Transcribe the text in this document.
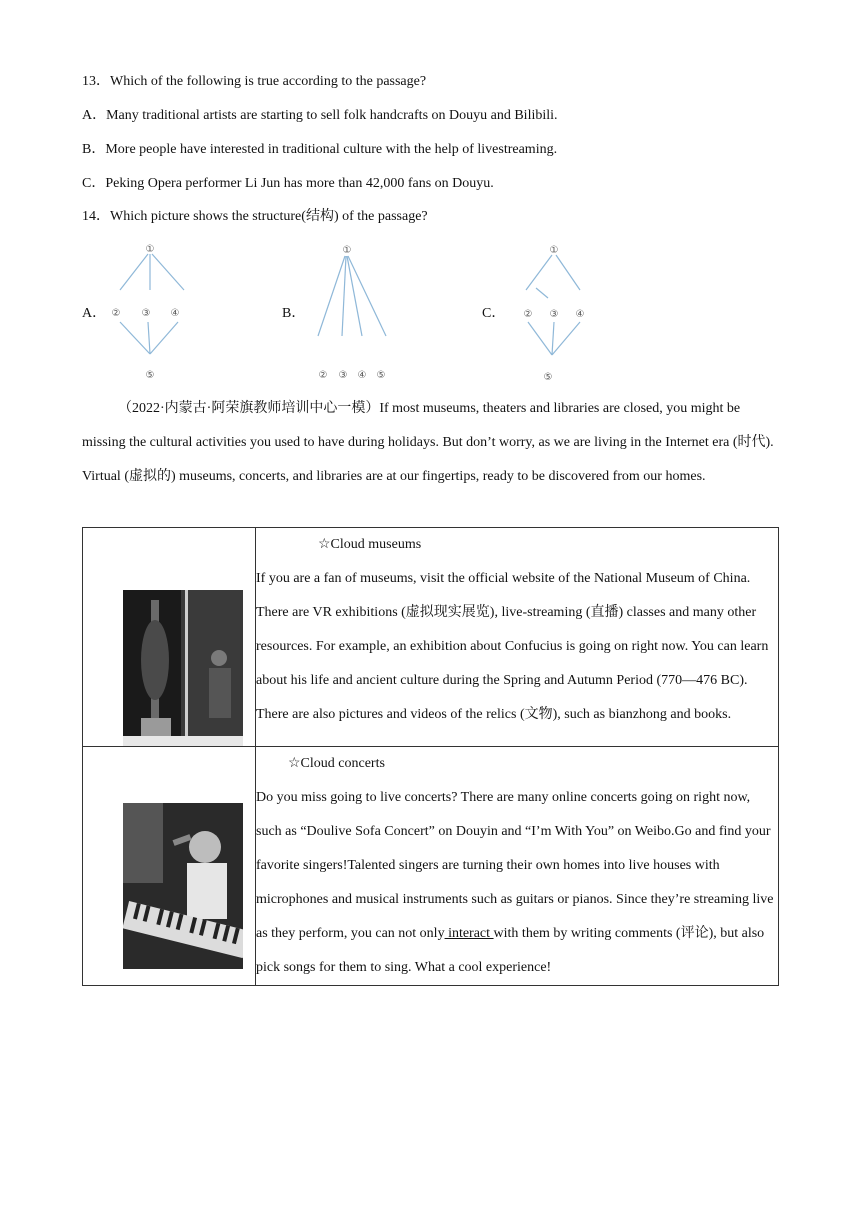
13．Which of the following is true according to the passage?
A．Many traditional artists are starting to sell folk handcrafts on Douyu and Bilibili.
B．More people have interested in traditional culture with the help of livestreaming.
C．Peking Opera performer Li Jun has more than 42,000 fans on Douyu.
14．Which picture shows the structure(结构) of the passage?
A．	B．	C．
①
② ③ ④
⑤
①
② ③ ④ ⑤
①
② ③ ④
⑤
（2022·内蒙古·阿荣旗教师培训中心一模）If most museums, theaters and libraries are closed, you might be missing the cultural activities you used to have during holidays. But don’t worry, as we are living in the Internet era (时代). Virtual (虚拟的) museums, concerts, and libraries are at our fingertips, ready to be discovered from our homes.

☆Cloud museums
If you are a fan of museums, visit the official website of the National Museum of China. There are VR exhibitions (虚拟现实展览), live-streaming (直播) classes and many other resources. For example, an exhibition about Confucius is going on right now. You can learn about his life and ancient culture during the Spring and Autumn Period (770—476 BC). There are also pictures and videos of the relics (文物), such as bianzhong and books.

☆Cloud concerts
Do you miss going to live concerts? There are many online concerts going on right now, such as “Doulive Sofa Concert” on Douyin and “I’m With You” on Weibo.Go and find your favorite singers!Talented singers are turning their own homes into live houses with microphones and musical instruments such as guitars or pianos. Since they’re streaming live as they perform, you can not only interact with them by writing comments (评论), but also pick songs for them to sing. What a cool experience!
